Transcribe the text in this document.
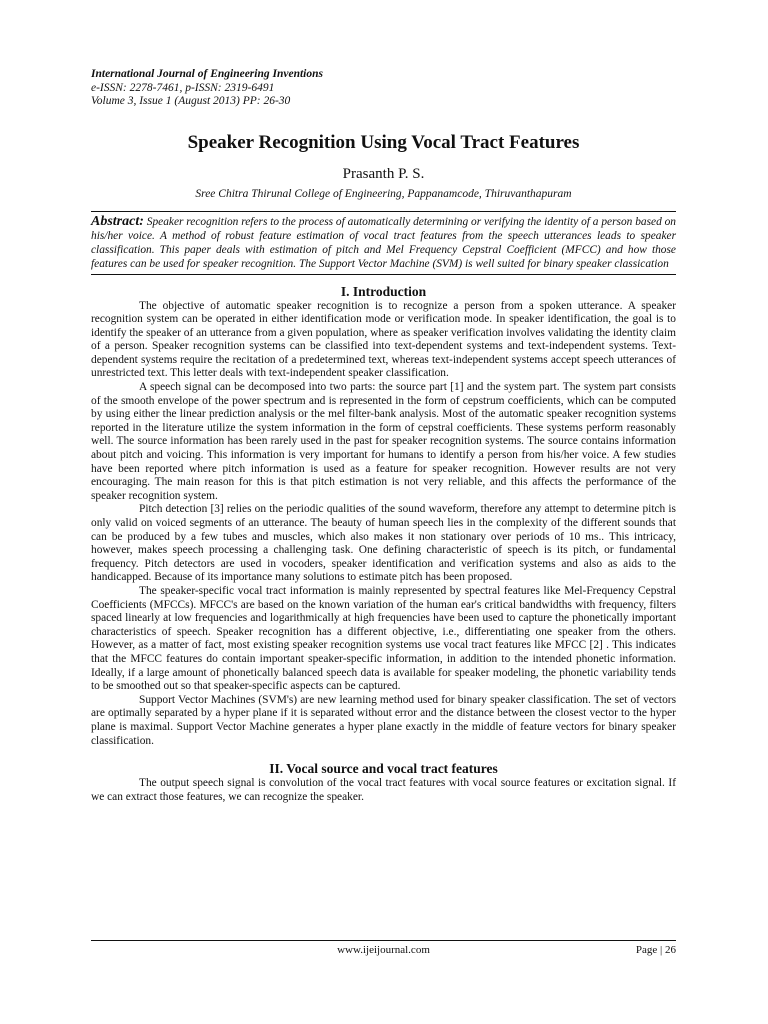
International Journal of Engineering Inventions
e-ISSN: 2278-7461, p-ISSN: 2319-6491
Volume 3, Issue 1 (August 2013) PP: 26-30
Speaker Recognition Using Vocal Tract Features
Prasanth P. S.
Sree Chitra Thirunal College of Engineering, Pappanamcode, Thiruvanthapuram
Abstract: Speaker recognition refers to the process of automatically determining or verifying the identity of a person based on his/her voice. A method of robust feature estimation of vocal tract features from the speech utterances leads to speaker classification. This paper deals with estimation of pitch and Mel Frequency Cepstral Coefficient (MFCC) and how those features can be used for speaker recognition. The Support Vector Machine (SVM) is well suited for binary speaker classication
I. Introduction

The objective of automatic speaker recognition is to recognize a person from a spoken utterance. A speaker recognition system can be operated in either identification mode or verification mode. In speaker identification, the goal is to identify the speaker of an utterance from a given population, where as speaker verification involves validating the identity claim of a person. Speaker recognition systems can be classified into text-dependent systems and text-independent systems. Text-dependent systems require the recitation of a predetermined text, whereas text-independent systems accept speech utterances of unrestricted text. This letter deals with text-independent speaker classification.

A speech signal can be decomposed into two parts: the source part [1] and the system part. The system part consists of the smooth envelope of the power spectrum and is represented in the form of cepstrum coefficients, which can be computed by using either the linear prediction analysis or the mel filter-bank analysis. Most of the automatic speaker recognition systems reported in the literature utilize the system information in the form of cepstral coefficients. These systems perform reasonably well. The source information has been rarely used in the past for speaker recognition systems. The source contains information about pitch and voicing. This information is very important for humans to identify a person from his/her voice. A few studies have been reported where pitch information is used as a feature for speaker recognition. However results are not very encouraging. The main reason for this is that pitch estimation is not very reliable, and this affects the performance of the speaker recognition system.

Pitch detection [3] relies on the periodic qualities of the sound waveform, therefore any attempt to determine pitch is only valid on voiced segments of an utterance. The beauty of human speech lies in the complexity of the different sounds that can be produced by a few tubes and muscles, which also makes it non stationary over periods of 10 ms.. This intricacy, however, makes speech processing a challenging task. One defining characteristic of speech is its pitch, or fundamental frequency. Pitch detectors are used in vocoders, speaker identification and verification systems and also as aids to the handicapped. Because of its importance many solutions to estimate pitch has been proposed.

The speaker-specific vocal tract information is mainly represented by spectral features like Mel-Frequency Cepstral Coefficients (MFCCs). MFCC's are based on the known variation of the human ear's critical bandwidths with frequency, filters spaced linearly at low frequencies and logarithmically at high frequencies have been used to capture the phonetically important characteristics of speech. Speaker recognition has a different objective, i.e., differentiating one speaker from the others. However, as a matter of fact, most existing speaker recognition systems use vocal tract features like MFCC [2] . This indicates that the MFCC features do contain important speaker-specific information, in addition to the intended phonetic information. Ideally, if a large amount of phonetically balanced speech data is available for speaker modeling, the phonetic variability tends to be smoothed out so that speaker-specific aspects can be captured.

Support Vector Machines (SVM's) are new learning method used for binary speaker classification. The set of vectors are optimally separated by a hyper plane if it is separated without error and the distance between the closest vector to the hyper plane is maximal. Support Vector Machine generates a hyper plane exactly in the middle of feature vectors for binary speaker classification.

II. Vocal source and vocal tract features

The output speech signal is convolution of the vocal tract features with vocal source features or excitation signal. If we can extract those features, we can recognize the speaker.

www.ijeijournal.com	Page | 26
